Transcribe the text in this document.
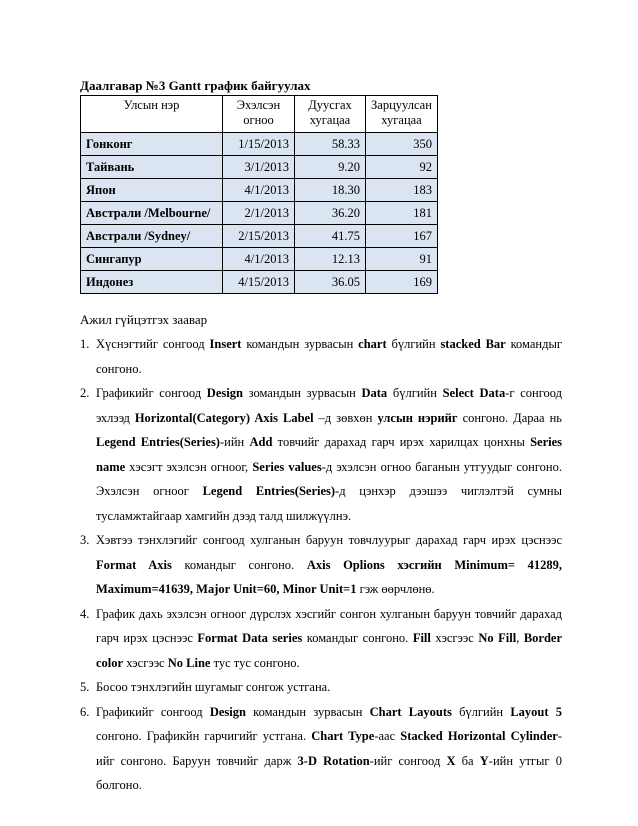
Даалгавар №3 Gantt график байгуулах
Улсын нэр	Эхэлсэн огноо	Дуусгах хугацаа	Зарцуулсан хугацаа
Гонконг	1/15/2013	58.33	350
Тайвань	3/1/2013	9.20	92
Япон	4/1/2013	18.30	183
Австрали /Melbourne/	2/1/2013	36.20	181
Австрали /Sydney/	2/15/2013	41.75	167
Сингапур	4/1/2013	12.13	91
Индонез	4/15/2013	36.05	169
Ажил гүйцэтгэх заавар
1. Хүснэгтийг сонгоод Insert командын зурвасын chart бүлгийн stacked Bar командыг сонгоно.
2. Графикийг сонгоод Design зомандын зурвасын Data бүлгийн Select Data-г сонгоод эхлээд Horizontal(Category) Axis Label –д зөвхөн улсын нэрийг сонгоно. Дараа нь Legend Entries(Series)-ийн Add товчийг дарахад гарч ирэх харилцах цонхны Series name хэсэгт эхэлсэн огноог, Series values-д эхэлсэн огноо баганын утгуудыг сонгоно. Эхэлсэн огноог Legend Entries(Series)-д цэнхэр дээшээ чиглэлтэй сумны тусламжтайгаар хамгийн дээд талд шилжүүлнэ.
3. Хэвтээ тэнхлэгийг сонгоод хулганын баруун товчлуурыг дарахад гарч ирэх цэснээс Format Axis командыг сонгоно. Axis Oplions хэсгийн Minimum= 41289, Maximum=41639, Major Unit=60, Minor Unit=1 гэж өөрчлөнө.
4. График дахь эхэлсэн огноог дүрслэх хэсгийг сонгон хулганын баруун товчийг дарахад гарч ирэх цэснээс Format Data series командыг сонгоно. Fill хэсгээс No Fill, Border color хэсгээс No Line тус тус сонгоно.
5. Босоо тэнхлэгийн шугамыг сонгож устгана.
6. Графикийг сонгоод Design командын зурвасын Chart Layouts бүлгийн Layout 5 сонгоно. Графикйн гарчигийг устгана. Chart Type-аас Stacked Horizontal Cylinder-ийг сонгоно. Баруун товчийг дарж 3-D Rotation-ийг сонгоод X ба Y-ийн утгыг 0 болгоно.
